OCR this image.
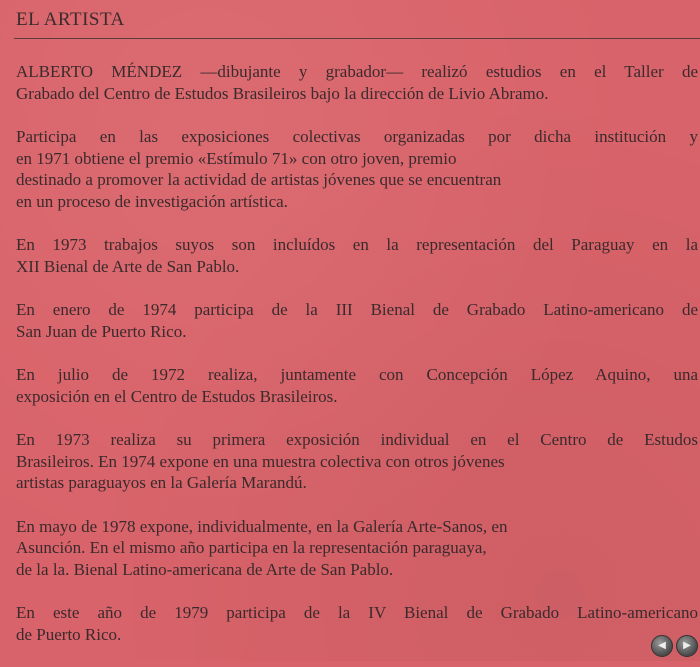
EL ARTISTA

ALBERTO MÉNDEZ —dibujante y grabador— realizó estudios en el Taller de
Grabado del Centro de Estudos Brasileiros bajo la dirección de Livio Abramo.

Participa en las exposiciones colectivas organizadas por dicha institución y
en 1971 obtiene el premio «Estímulo 71» con otro joven, premio
destinado a promover la actividad de artistas jóvenes que se encuentran
en un proceso de investigación artística.

En 1973 trabajos suyos son incluídos en la representación del Paraguay en la
XII Bienal de Arte de San Pablo.

En enero de 1974 participa de la III Bienal de Grabado Latino-americano de
San Juan de Puerto Rico.

En julio de 1972 realiza, juntamente con Concepción López Aquino, una
exposición en el Centro de Estudos Brasileiros.

En 1973 realiza su primera exposición individual en el Centro de Estudos
Brasileiros. En 1974 expone en una muestra colectiva con otros jóvenes
artistas paraguayos en la Galería Marandú.

En mayo de 1978 expone, individualmente, en la Galería Arte-Sanos, en
Asunción. En el mismo año participa en la representación paraguaya,
de la la. Bienal Latino-americana de Arte de San Pablo.

En este año de 1979 participa de la IV Bienal de Grabado Latino-americano
de Puerto Rico.

◀ ▶
